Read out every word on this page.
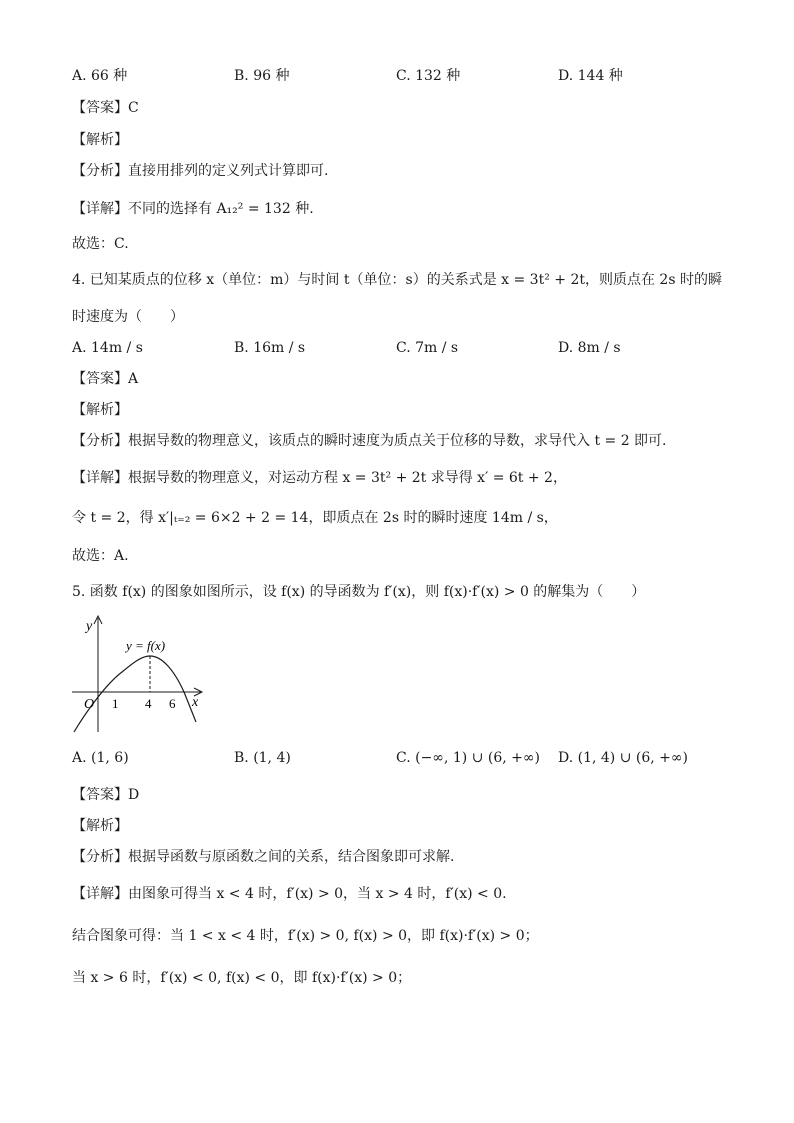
A. 66 种	B. 96 种	C. 132 种	D. 144 种
【答案】C
【解析】
【分析】直接用排列的定义列式计算即可.
【详解】不同的选择有 A₁₂² = 132 种.
故选：C.
4. 已知某质点的位移 x（单位：m）与时间 t（单位：s）的关系式是 x = 3t² + 2t，则质点在 2s 时的瞬
时速度为（　　）
A. 14m / s	B. 16m / s	C. 7m / s	D. 8m / s
【答案】A
【解析】
【分析】根据导数的物理意义，该质点的瞬时速度为质点关于位移的导数，求导代入 t = 2 即可.
【详解】根据导数的物理意义，对运动方程 x = 3t² + 2t 求导得 x′ = 6t + 2，
令 t = 2，得 x′|ₜ₌₂ = 6×2 + 2 = 14，即质点在 2s 时的瞬时速度 14m / s，
故选：A.
5. 函数 f(x) 的图象如图所示，设 f(x) 的导函数为 f′(x)，则 f(x)·f′(x) > 0 的解集为（　　）
y
x
O
y = f(x)
1 4 6
A. (1, 6)	B. (1, 4)	C. (−∞, 1) ∪ (6, +∞) D. (1, 4) ∪ (6, +∞)
【答案】D
【解析】
【分析】根据导函数与原函数之间的关系，结合图象即可求解.
【详解】由图象可得当 x < 4 时，f′(x) > 0，当 x > 4 时，f′(x) < 0.
结合图象可得：当 1 < x < 4 时，f′(x) > 0, f(x) > 0，即 f(x)·f′(x) > 0；
当 x > 6 时，f′(x) < 0, f(x) < 0，即 f(x)·f′(x) > 0；
